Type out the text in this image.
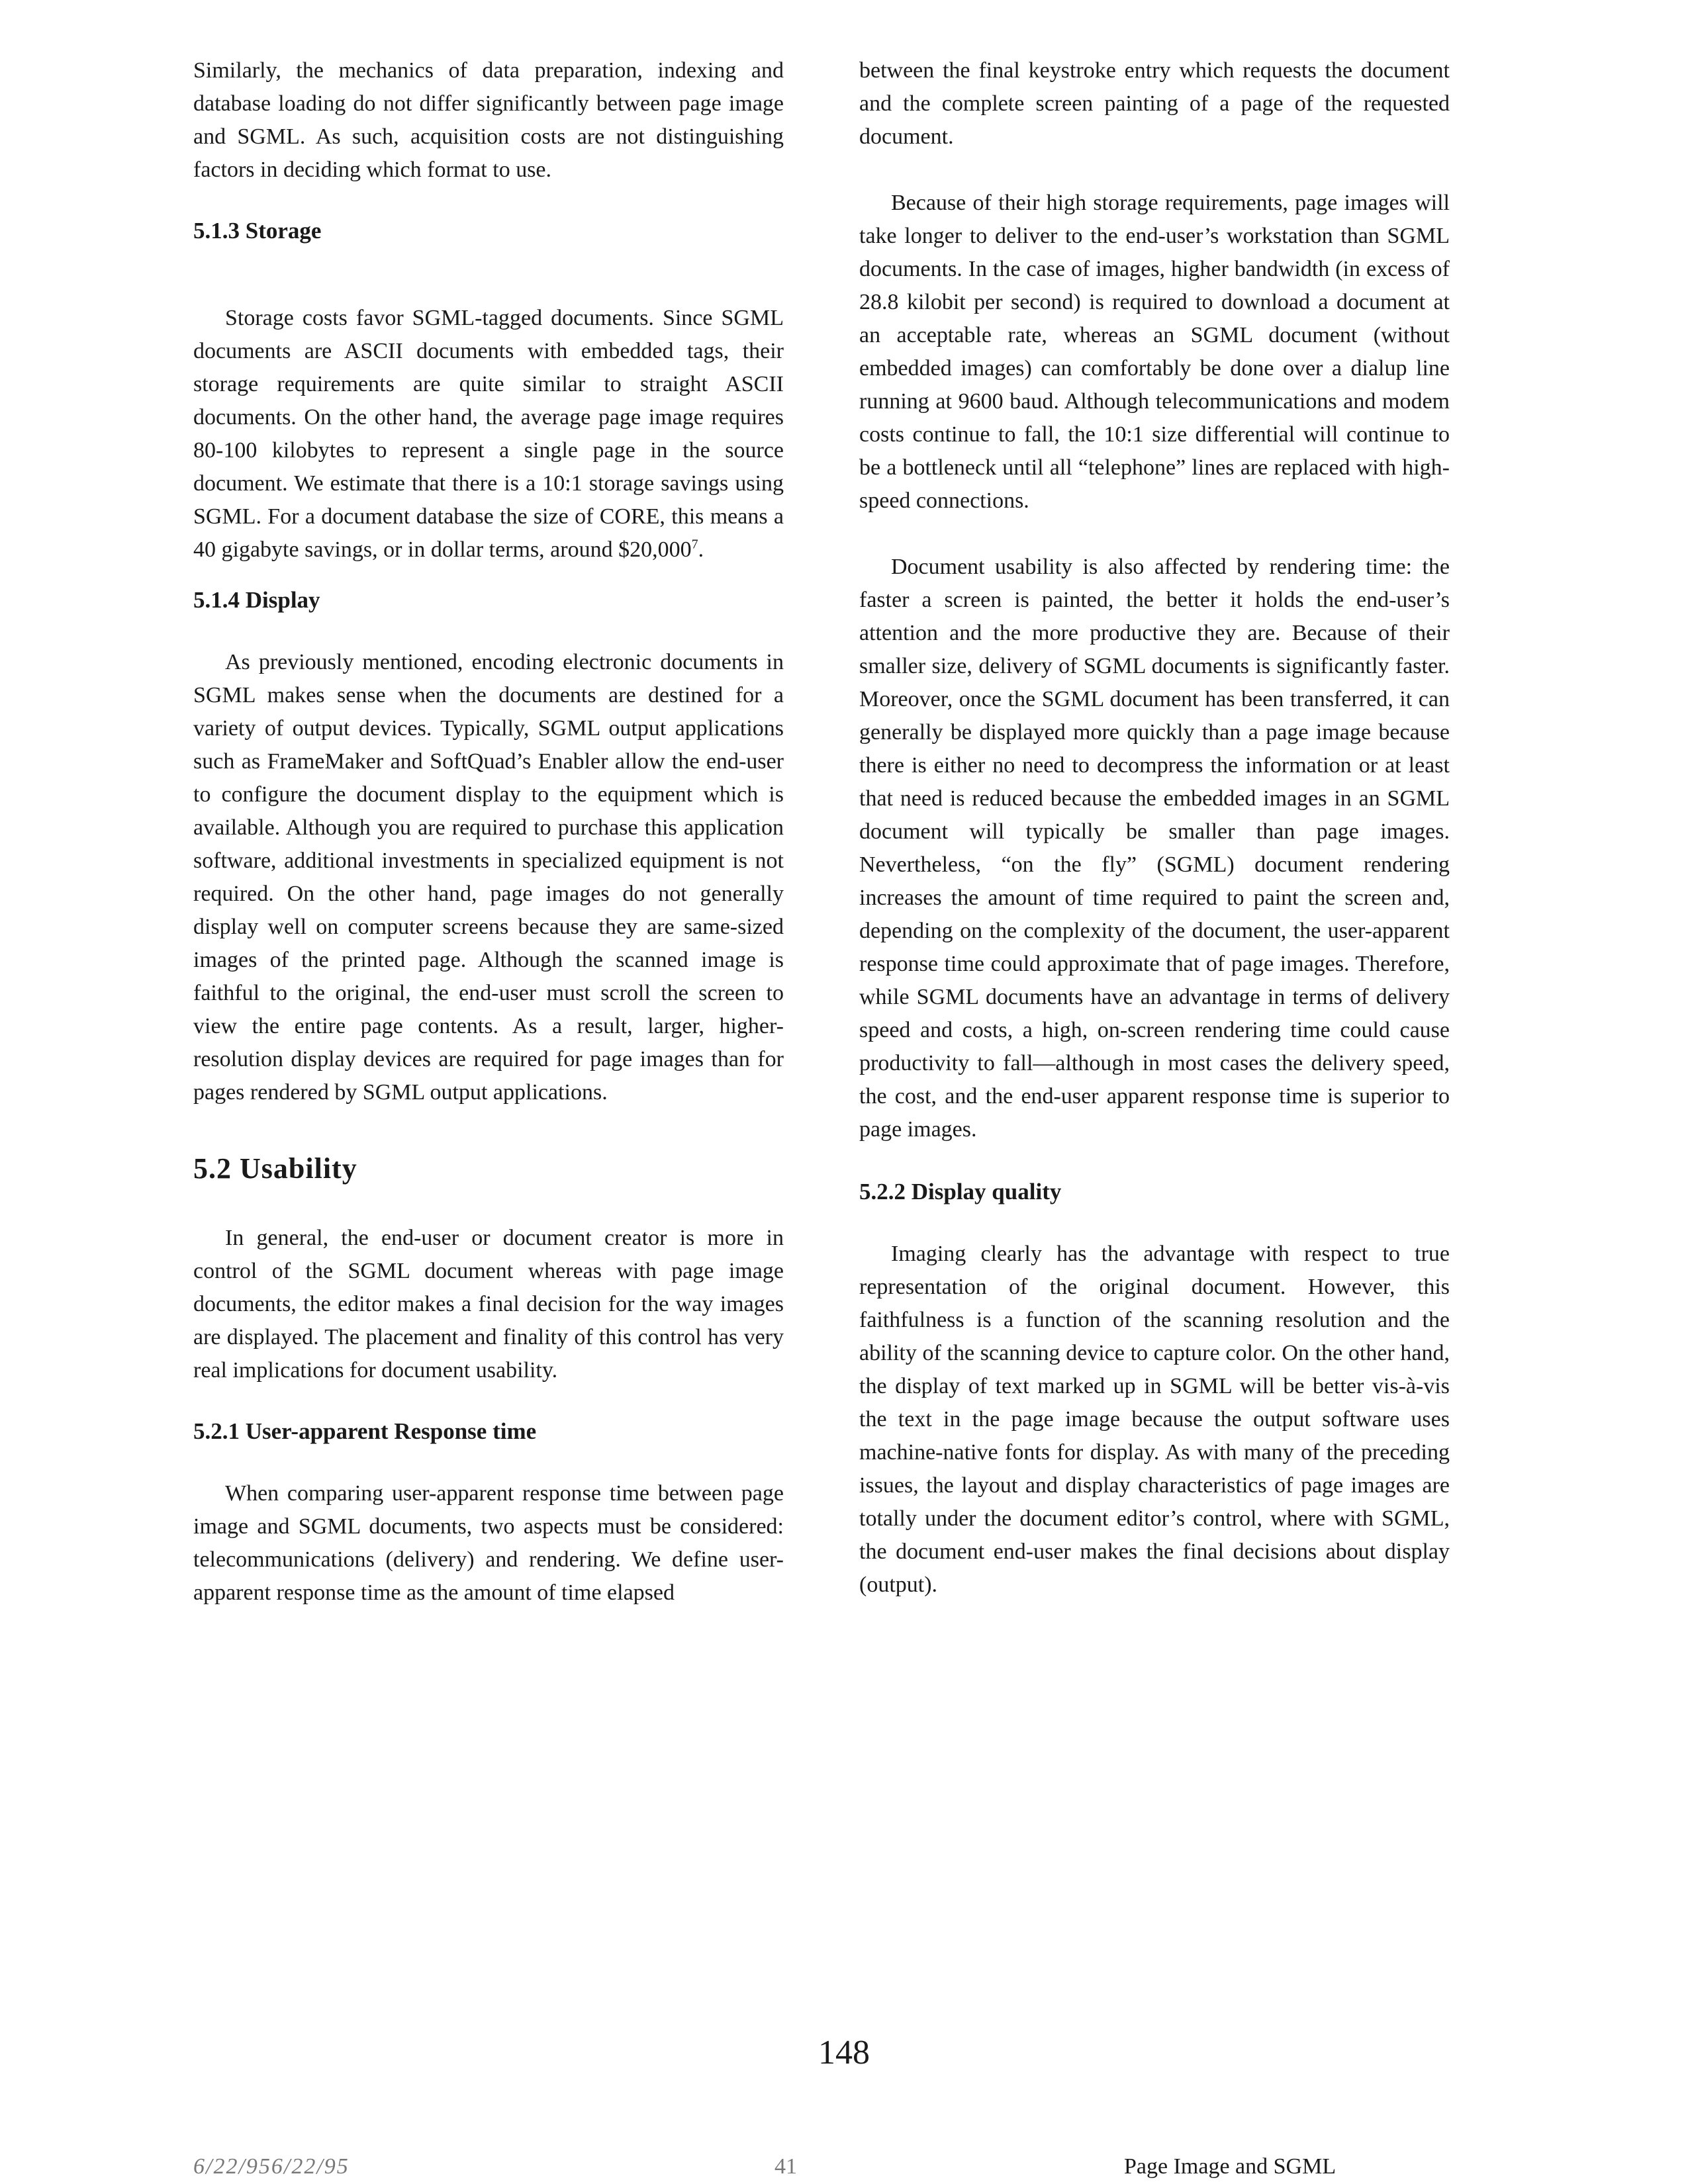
Similarly, the mechanics of data preparation, indexing and database loading do not differ significantly between page image and SGML. As such, acquisition costs are not distinguishing factors in deciding which format to use.

5.1.3 Storage

Storage costs favor SGML-tagged documents. Since SGML documents are ASCII documents with embedded tags, their storage requirements are quite similar to straight ASCII documents. On the other hand, the average page image requires 80-100 kilobytes to represent a single page in the source document. We estimate that there is a 10:1 storage savings using SGML. For a document database the size of CORE, this means a 40 gigabyte savings, or in dollar terms, around $20,000$^7$.

5.1.4 Display

As previously mentioned, encoding electronic documents in SGML makes sense when the documents are destined for a variety of output devices. Typically, SGML output applications such as FrameMaker and SoftQuad’s Enabler allow the end-user to configure the document display to the equipment which is available. Although you are required to purchase this application software, additional investments in specialized equipment is not required. On the other hand, page images do not generally display well on computer screens because they are same-sized images of the printed page. Although the scanned image is faithful to the original, the end-user must scroll the screen to view the entire page contents. As a result, larger, higher-resolution display devices are required for page images than for pages rendered by SGML output applications.

5.2 Usability

In general, the end-user or document creator is more in control of the SGML document whereas with page image documents, the editor makes a final decision for the way images are displayed. The placement and finality of this control has very real implications for document usability.

5.2.1 User-apparent Response time

When comparing user-apparent response time between page image and SGML documents, two aspects must be considered: telecommunications (delivery) and rendering. We define user-apparent response time as the amount of time elapsed

between the final keystroke entry which requests the document and the complete screen painting of a page of the requested document.

Because of their high storage requirements, page images will take longer to deliver to the end-user’s workstation than SGML documents. In the case of images, higher bandwidth (in excess of 28.8 kilobit per second) is required to download a document at an acceptable rate, whereas an SGML document (without embedded images) can comfortably be done over a dialup line running at 9600 baud. Although telecommunications and modem costs continue to fall, the 10:1 size differential will continue to be a bottleneck until all “telephone” lines are replaced with high-speed connections.

Document usability is also affected by rendering time: the faster a screen is painted, the better it holds the end-user’s attention and the more productive they are. Because of their smaller size, delivery of SGML documents is significantly faster. Moreover, once the SGML document has been transferred, it can generally be displayed more quickly than a page image because there is either no need to decompress the information or at least that need is reduced because the embedded images in an SGML document will typically be smaller than page images. Nevertheless, “on the fly” (SGML) document rendering increases the amount of time required to paint the screen and, depending on the complexity of the document, the user-apparent response time could approximate that of page images. Therefore, while SGML documents have an advantage in terms of delivery speed and costs, a high, on-screen rendering time could cause productivity to fall—although in most cases the delivery speed, the cost, and the end-user apparent response time is superior to page images.

5.2.2 Display quality

Imaging clearly has the advantage with respect to true representation of the original document. However, this faithfulness is a function of the scanning resolution and the ability of the scanning device to capture color. On the other hand, the display of text marked up in SGML will be better vis-à-vis the text in the page image because the output software uses machine-native fonts for display. As with many of the preceding issues, the layout and display characteristics of page images are totally under the document editor’s control, where with SGML, the document end-user makes the final decisions about display (output).

148
6/22/956/22/95	41	Page Image and SGML
